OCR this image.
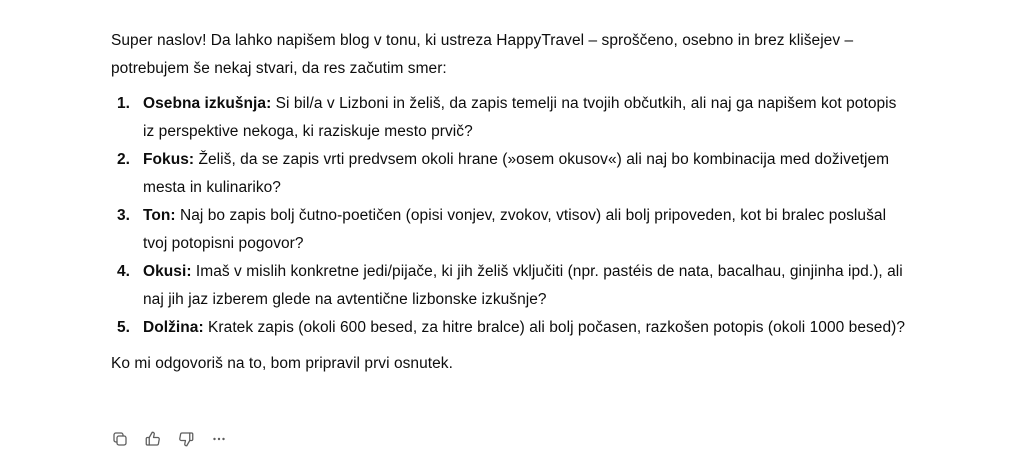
Super naslov! Da lahko napišem blog v tonu, ki ustreza HappyTravel – sproščeno, osebno in brez klišejev – potrebujem še nekaj stvari, da res začutim smer:

1. Osebna izkušnja: Si bil/a v Lizboni in želiš, da zapis temelji na tvojih občutkih, ali naj ga napišem kot potopis iz perspektive nekoga, ki raziskuje mesto prvič?
2. Fokus: Želiš, da se zapis vrti predvsem okoli hrane (»osem okusov«) ali naj bo kombinacija med doživetjem mesta in kulinariko?
3. Ton: Naj bo zapis bolj čutno-poetičen (opisi vonjev, zvokov, vtisov) ali bolj pripoveden, kot bi bralec poslušal tvoj potopisni pogovor?
4. Okusi: Imaš v mislih konkretne jedi/pijače, ki jih želiš vključiti (npr. pastéis de nata, bacalhau, ginjinha ipd.), ali naj jih jaz izberem glede na avtentične lizbonske izkušnje?
5. Dolžina: Kratek zapis (okoli 600 besed, za hitre bralce) ali bolj počasen, razkošen potopis (okoli 1000 besed)?

Ko mi odgovoriš na to, bom pripravil prvi osnutek.
